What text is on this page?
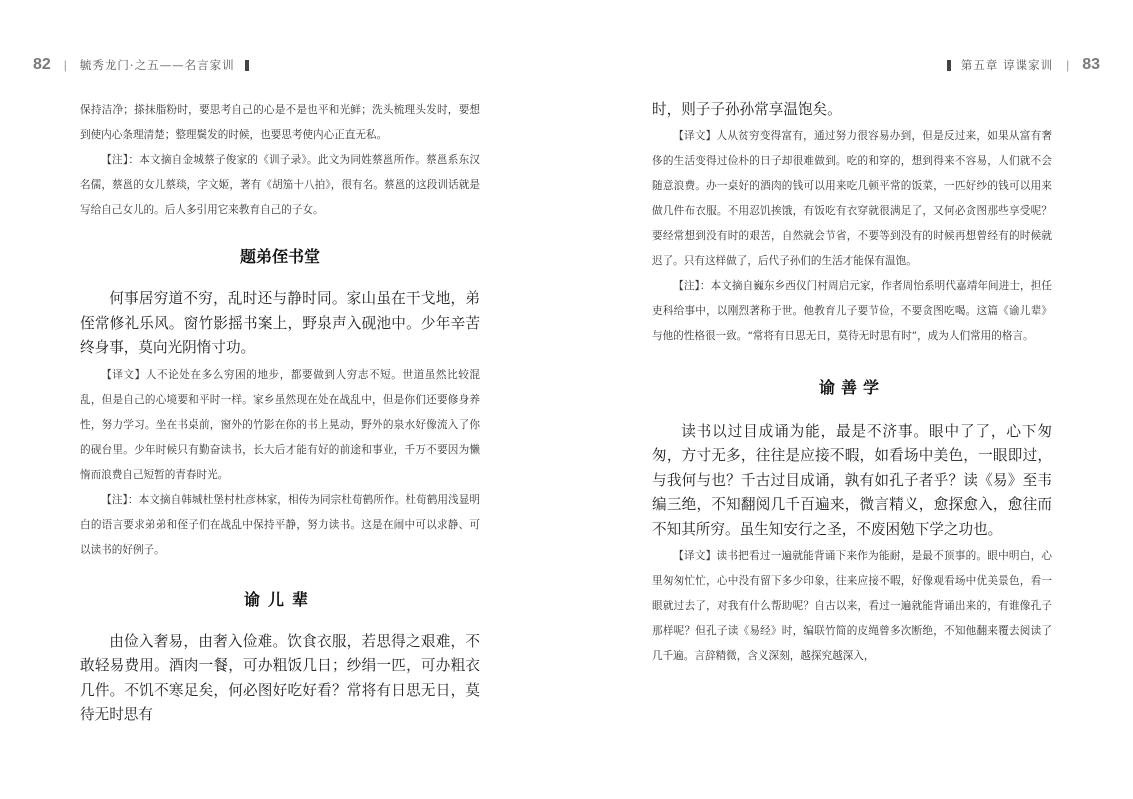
82 | 毓秀龙门·之五——名言家训

保持洁净；搽抹脂粉时，要思考自己的心是不是也平和光鲜；洗头梳理头发时，要想到使内心条理清楚；整理鬓发的时候，也要思考使内心正直无私。

【注】：本文摘自金城蔡子俊家的《训子录》。此文为同姓蔡邕所作。蔡邕系东汉名儒，蔡邕的女儿蔡琰，字文姬，著有《胡笳十八拍》，很有名。蔡邕的这段训话就是写给自己女儿的。后人多引用它来教育自己的子女。

题弟侄书堂

何事居穷道不穷，乱时还与静时同。家山虽在干戈地，弟侄常修礼乐风。窗竹影摇书案上，野泉声入砚池中。少年辛苦终身事，莫向光阴惰寸功。

【译文】人不论处在多么穷困的地步，都要做到人穷志不短。世道虽然比较混乱，但是自己的心境要和平时一样。家乡虽然现在处在战乱中，但是你们还要修身养性，努力学习。坐在书桌前，窗外的竹影在你的书上晃动，野外的泉水好像流入了你的砚台里。少年时候只有勤奋读书，长大后才能有好的前途和事业，千万不要因为懒惰而浪费自己短暂的青春时光。

【注】：本文摘自韩城杜堡村杜彦林家，相传为同宗杜荀鹤所作。杜荀鹤用浅显明白的语言要求弟弟和侄子们在战乱中保持平静，努力读书。这是在闹中可以求静、可以读书的好例子。

谕儿辈

由俭入奢易，由奢入俭难。饮食衣服，若思得之艰难，不敢轻易费用。酒肉一餐，可办粗饭几日；纱绢一匹，可办粗衣几件。不饥不寒足矣，何必图好吃好看？常将有日思无日，莫待无时思有

第五章 谆谍家训 | 83

时，则子子孙孙常享温饱矣。

【译文】人从贫穷变得富有，通过努力很容易办到，但是反过来，如果从富有奢侈的生活变得过俭朴的日子却很难做到。吃的和穿的，想到得来不容易，人们就不会随意浪费。办一桌好的酒肉的钱可以用来吃几顿平常的饭菜，一匹好纱的钱可以用来做几件布衣服。不用忍饥挨饿，有饭吃有衣穿就很满足了，又何必贪图那些享受呢？要经常想到没有时的艰苦，自然就会节省，不要等到没有的时候再想曾经有的时候就迟了。只有这样做了，后代子孙们的生活才能保有温饱。

【注】：本文摘自巍东乡西仪门村周启元家，作者周怡系明代嘉靖年间进士，担任吏科给事中，以刚烈著称于世。他教育儿子要节俭，不要贪图吃喝。这篇《谕儿辈》与他的性格很一致。“常将有日思无日，莫待无时思有时”，成为人们常用的格言。

谕善学

读书以过目成诵为能，最是不济事。眼中了了，心下匆匆，方寸无多，往往是应接不暇，如看场中美色，一眼即过，与我何与也？千古过目成诵，孰有如孔子者乎？读《易》至韦编三绝，不知翻阅几千百遍来，微言精义，愈探愈入，愈往而不知其所穷。虽生知安行之圣，不废困勉下学之功也。

【译文】读书把看过一遍就能背诵下来作为能耐，是最不顶事的。眼中明白，心里匆匆忙忙，心中没有留下多少印象，往来应接不暇，好像观看场中优美景色，看一眼就过去了，对我有什么帮助呢？自古以来，看过一遍就能背诵出来的，有谁像孔子那样呢？但孔子读《易经》时，编联竹简的皮绳曾多次断绝，不知他翻来覆去阅读了几千遍。言辞精微，含义深刻，越探究越深入，
